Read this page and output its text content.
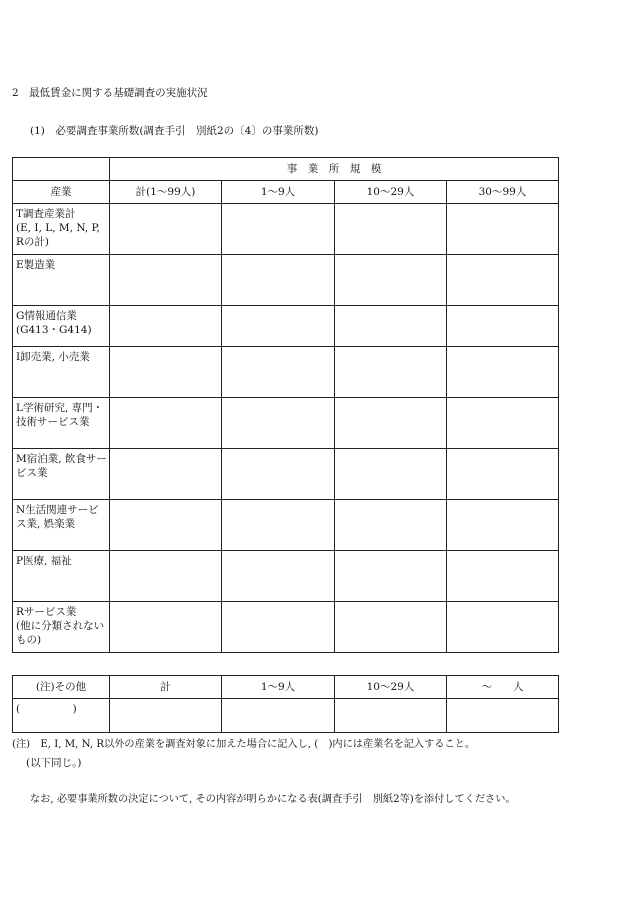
2　最低賃金に関する基礎調査の実施状況
(1)　必要調査事業所数(調査手引　別紙2の〔4〕の事業所数)
	事　業　所　規　模			
産業	計(1～99人)	1～9人	10～29人	30～99人
T調査産業計
(E, I, L, M, N, P, Rの計)				
E製造業				
G情報通信業
(G413・G414)				
I卸売業, 小売業				

L学術研究, 専門・技術サービス業				

M宿泊業, 飲食サービス業				

N生活関連サービス業, 娯楽業				

P医療, 福祉				

Rサービス業
(他に分類されないもの)				

(注)その他	計	1～9人	10～29人	～　　人
(　　　　　)				
(注)　E, I, M, N, R以外の産業を調査対象に加えた場合に記入し, (　)内には産業名を記入すること。
(以下同じ。)
なお, 必要事業所数の決定について, その内容が明らかになる表(調査手引　別紙2等)を添付してください。
